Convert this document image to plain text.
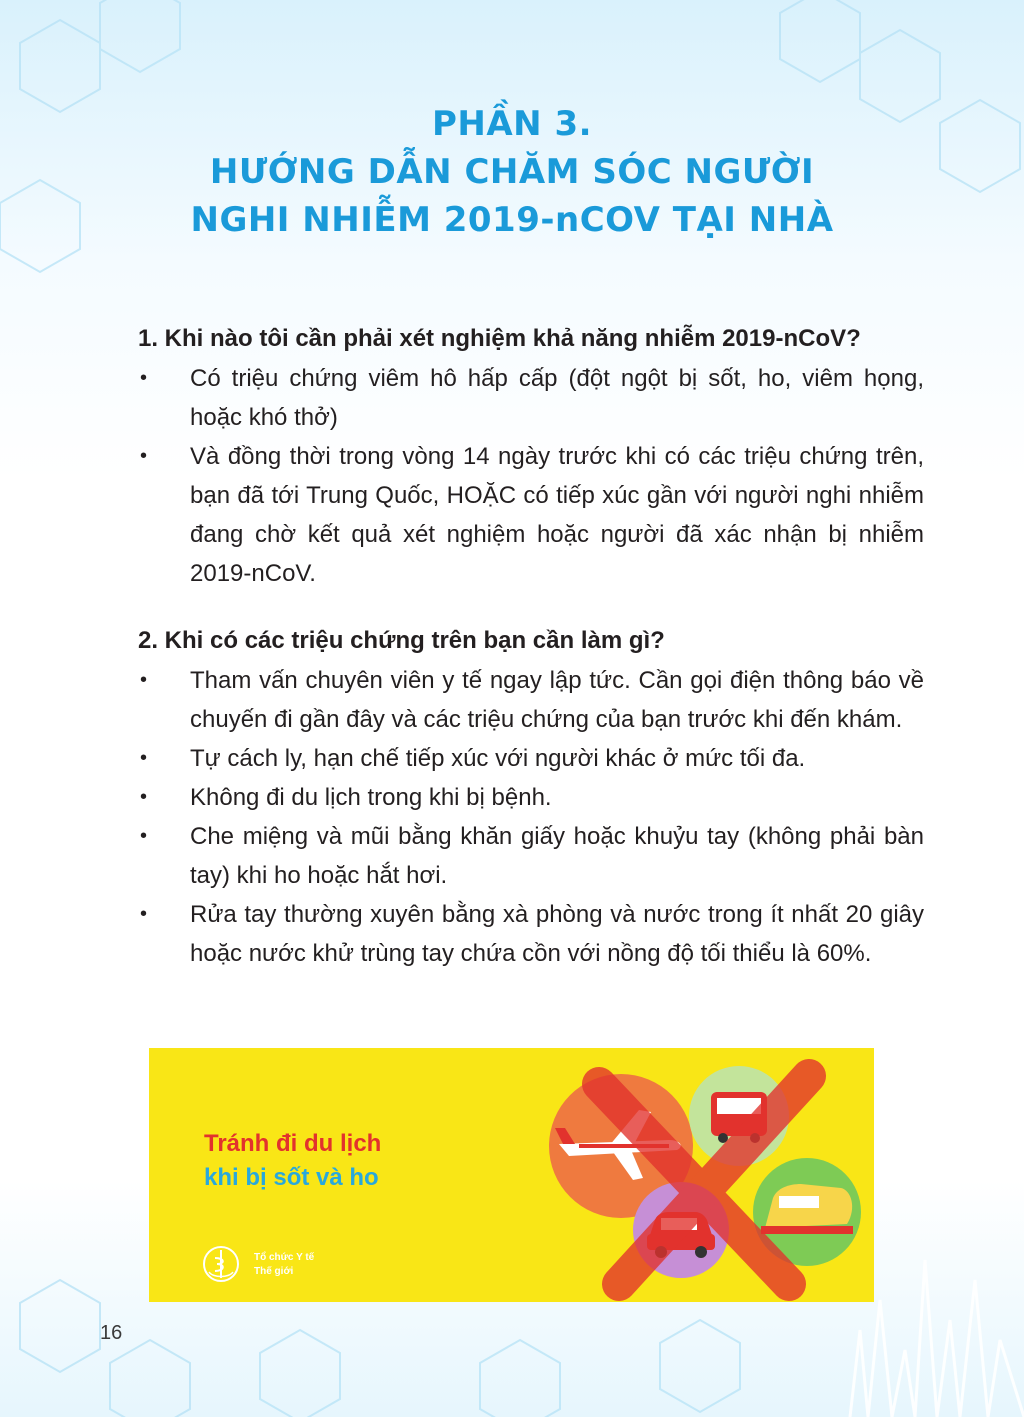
PHẦN 3.
HƯỚNG DẪN CHĂM SÓC NGƯỜI
NGHI NHIỄM 2019-nCOV TẠI NHÀ
1. Khi nào tôi cần phải xét nghiệm khả năng nhiễm 2019-nCoV?
• Có triệu chứng viêm hô hấp cấp (đột ngột bị sốt, ho, viêm họng, hoặc khó thở)
• Và đồng thời trong vòng 14 ngày trước khi có các triệu chứng trên, bạn đã tới Trung Quốc, HOẶC có tiếp xúc gần với người nghi nhiễm đang chờ kết quả xét nghiệm hoặc người đã xác nhận bị nhiễm 2019-nCoV.
2. Khi có các triệu chứng trên bạn cần làm gì?
• Tham vấn chuyên viên y tế ngay lập tức. Cần gọi điện thông báo về chuyến đi gần đây và các triệu chứng của bạn trước khi đến khám.
• Tự cách ly, hạn chế tiếp xúc với người khác ở mức tối đa.
• Không đi du lịch trong khi bị bệnh.
• Che miệng và mũi bằng khăn giấy hoặc khuỷu tay (không phải bàn tay) khi ho hoặc hắt hơi.
• Rửa tay thường xuyên bằng xà phòng và nước trong ít nhất 20 giây hoặc nước khử trùng tay chứa cồn với nồng độ tối thiểu là 60%.
Tránh đi du lịch
khi bị sốt và ho
Tổ chức Y tế
Thế giới
16
